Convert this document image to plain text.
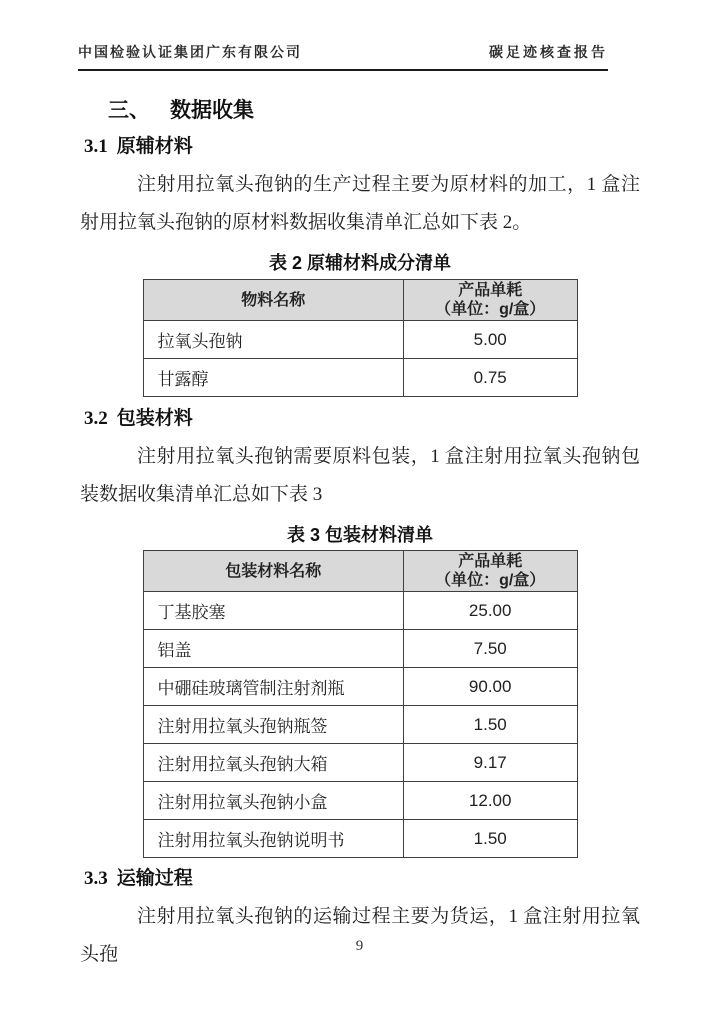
中国检验认证集团广东有限公司	碳足迹核查报告
三、 数据收集
3.1 原辅材料

注射用拉氧头孢钠的生产过程主要为原材料的加工，1 盒注射用拉氧头孢钠的原材料数据收集清单汇总如下表 2。

表 2 原辅材料成分清单
物料名称	产品单耗
（单位：g/盒）

拉氧头孢钠	5.00
甘露醇	0.75
3.2 包装材料

注射用拉氧头孢钠需要原料包装，1 盒注射用拉氧头孢钠包装数据收集清单汇总如下表 3

表 3 包装材料清单
包装材料名称	产品单耗
（单位：g/盒）

丁基胶塞	25.00
铝盖	7.50
中硼硅玻璃管制注射剂瓶	90.00
注射用拉氧头孢钠瓶签	1.50
注射用拉氧头孢钠大箱	9.17
注射用拉氧头孢钠小盒	12.00
注射用拉氧头孢钠说明书	1.50
3.3 运输过程

注射用拉氧头孢钠的运输过程主要为货运，1 盒注射用拉氧头孢	9
